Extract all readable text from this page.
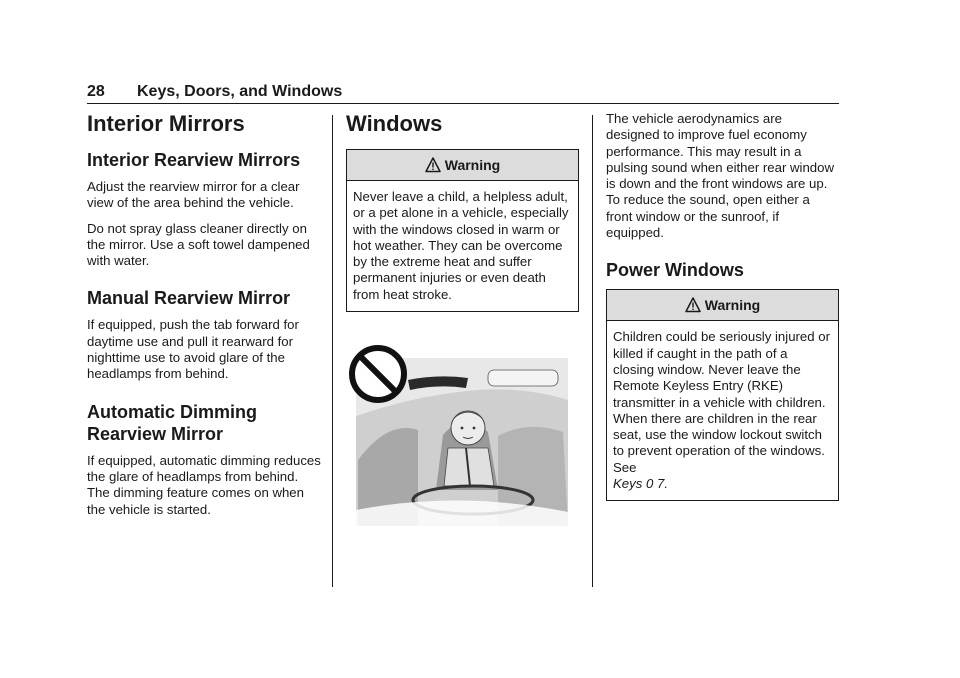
28 Keys, Doors, and Windows
Interior Mirrors
Interior Rearview Mirrors

Adjust the rearview mirror for a clear view of the area behind the vehicle.

Do not spray glass cleaner directly on the mirror. Use a soft towel dampened with water.

Manual Rearview Mirror

If equipped, push the tab forward for daytime use and pull it rearward for nighttime use to avoid glare of the headlamps from behind.

Automatic Dimming
Rearview Mirror

If equipped, automatic dimming reduces the glare of headlamps from behind. The dimming feature comes on when the vehicle is started.

Windows
Warning
Never leave a child, a helpless adult, or a pet alone in a vehicle, especially with the windows closed in warm or hot weather. They can be overcome by the extreme heat and suffer permanent injuries or even death from heat stroke.

The vehicle aerodynamics are designed to improve fuel economy performance. This may result in a pulsing sound when either rear window is down and the front windows are up. To reduce the sound, open either a front window or the sunroof, if equipped.

Power Windows
Warning
Children could be seriously injured or killed if caught in the path of a closing window. Never leave the Remote Keyless Entry (RKE) transmitter in a vehicle with children. When there are children in the rear seat, use the window lockout switch to prevent operation of the windows. See
Keys 0 7.
